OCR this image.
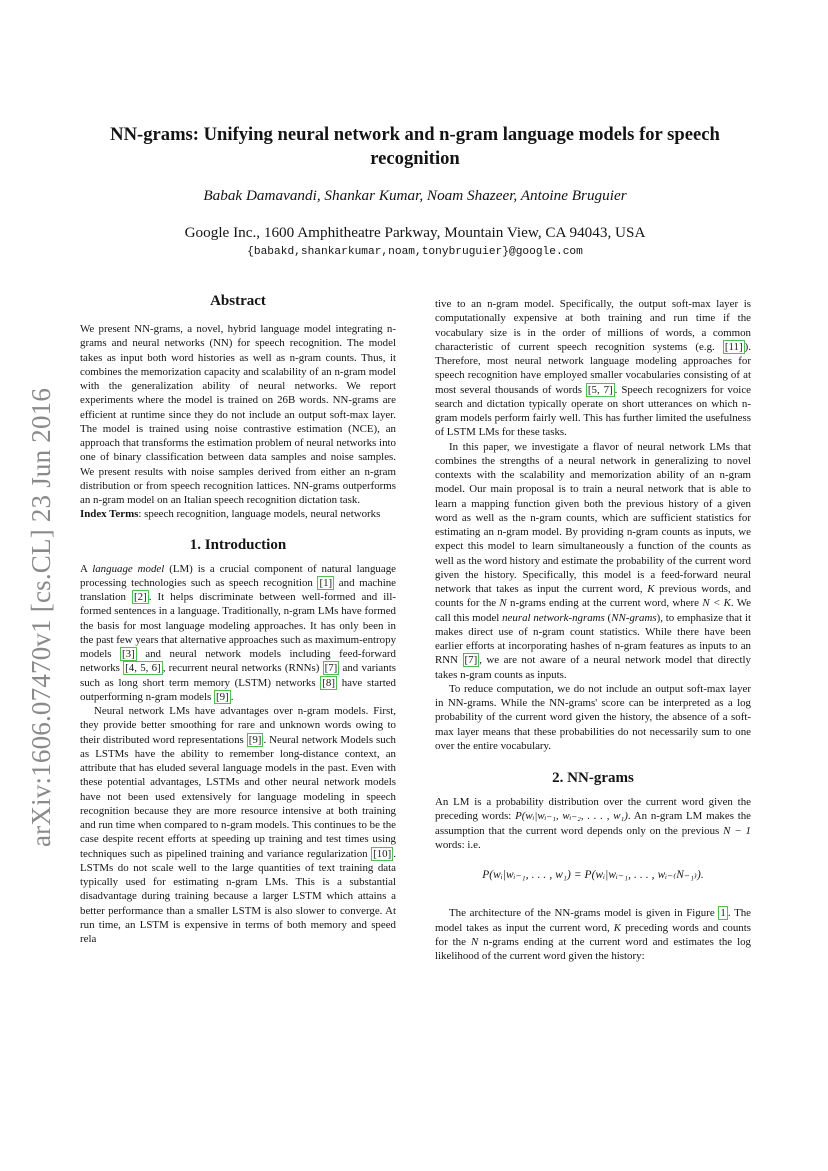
arXiv:1606.07470v1 [cs.CL] 23 Jun 2016
NN-grams: Unifying neural network and n-gram language models for speech recognition
Babak Damavandi, Shankar Kumar, Noam Shazeer, Antoine Bruguier
Google Inc., 1600 Amphitheatre Parkway, Mountain View, CA 94043, USA
{babakd,shankarkumar,noam,tonybruguier}@google.com
Abstract

We present NN-grams, a novel, hybrid language model integrating n-grams and neural networks (NN) for speech recognition. The model takes as input both word histories as well as n-gram counts. Thus, it combines the memorization capacity and scalability of an n-gram model with the generalization ability of neural networks. We report experiments where the model is trained on 26B words. NN-grams are efficient at runtime since they do not include an output soft-max layer. The model is trained using noise contrastive estimation (NCE), an approach that transforms the estimation problem of neural networks into one of binary classification between data samples and noise samples. We present results with noise samples derived from either an n-gram distribution or from speech recognition lattices. NN-grams outperforms an n-gram model on an Italian speech recognition dictation task.

Index Terms: speech recognition, language models, neural networks

1. Introduction

A language model (LM) is a crucial component of natural language processing technologies such as speech recognition [1] and machine translation [2] . It helps discriminate between well-formed and ill-formed sentences in a language. Traditionally, n-gram LMs have formed the basis for most language modeling approaches. It has only been in the past few years that alternative approaches such as maximum-entropy models [3] and neural network models including feed-forward networks [4, 5, 6] , recurrent neural networks (RNNs) [7] and variants such as long short term memory (LSTM) networks [8] have started outperforming n-gram models [9] .

Neural network LMs have advantages over n-gram models. First, they provide better smoothing for rare and unknown words owing to their distributed word representations [9] . Neural network Models such as LSTMs have the ability to remember long-distance context, an attribute that has eluded several language models in the past. Even with these potential advantages, LSTMs and other neural network models have not been used extensively for language modeling in speech recognition because they are more resource intensive at both training and run time when compared to n-gram models. This continues to be the case despite recent efforts at speeding up training and test times using techniques such as pipelined training and variance regularization [10] . LSTMs do not scale well to the large quantities of text training data typically used for estimating n-gram LMs. This is a substantial disadvantage during training because a larger LSTM which attains a better performance than a smaller LSTM is also slower to converge. At run time, an LSTM is expensive in terms of both memory and speed rela

tive to an n-gram model. Specifically, the output soft-max layer is computationally expensive at both training and run time if the vocabulary size is in the order of millions of words, a common characteristic of current speech recognition systems (e.g. [11] ). Therefore, most neural network language modeling approaches for speech recognition have employed smaller vocabularies consisting of at most several thousands of words [5, 7] . Speech recognizers for voice search and dictation typically operate on short utterances on which n-gram models perform fairly well. This has further limited the usefulness of LSTM LMs for these tasks.

In this paper, we investigate a flavor of neural network LMs that combines the strengths of a neural network in generalizing to novel contexts with the scalability and memorization ability of an n-gram model. Our main proposal is to train a neural network that is able to learn a mapping function given both the previous history of a given word as well as the n-gram counts, which are sufficient statistics for estimating an n-gram model. By providing n-gram counts as inputs, we expect this model to learn simultaneously a function of the counts as well as the word history and estimate the probability of the current word given the history. Specifically, this model is a feed-forward neural network that takes as input the current word, K previous words, and counts for the N n-grams ending at the current word, where N < K. We call this model neural network-ngrams (NN-grams), to emphasize that it makes direct use of n-gram count statistics. While there have been earlier efforts at incorporating hashes of n-gram features as inputs to an RNN [7] , we are not aware of a neural network model that directly takes n-gram counts as inputs.

To reduce computation, we do not include an output soft-max layer in NN-grams. While the NN-grams' score can be interpreted as a log probability of the current word given the history, the absence of a soft-max layer means that these probabilities do not necessarily sum to one over the entire vocabulary.

2. NN-grams

An LM is a probability distribution over the current word given the preceding words: P(wᵢ|wᵢ₋₁, wᵢ₋₂, . . . , w₁). An n-gram LM makes the assumption that the current word depends only on the previous N − 1 words: i.e.

P(wᵢ|wᵢ₋₁, . . . , w₁) = P(wᵢ|wᵢ₋₁, . . . , wᵢ₋₍N₋₁₎).

The architecture of the NN-grams model is given in Figure 1 . The model takes as input the current word, K preceding words and counts for the N n-grams ending at the current word and estimates the log likelihood of the current word given the history:
